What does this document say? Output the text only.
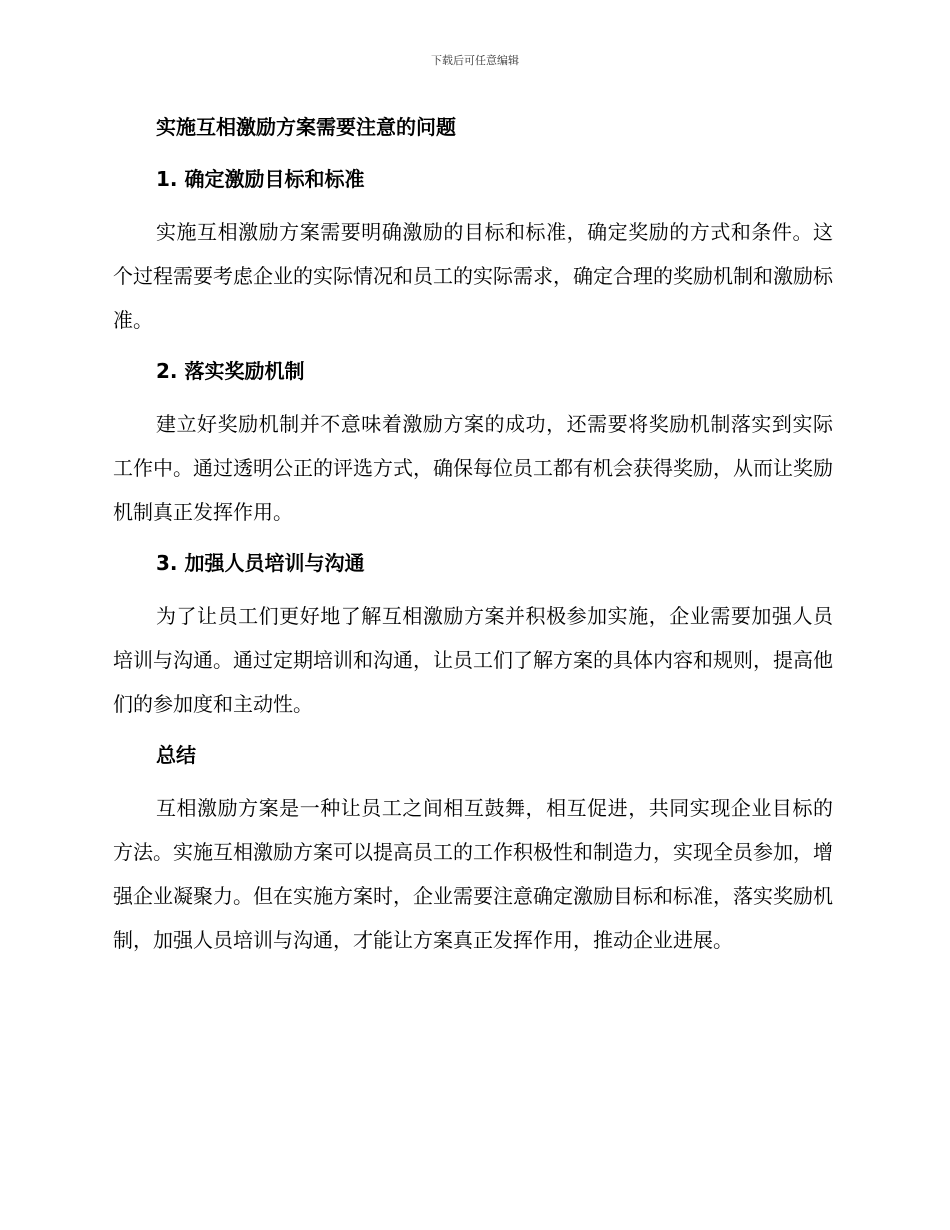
下载后可任意编辑
实施互相激励方案需要注意的问题
1. 确定激励目标和标准

实施互相激励方案需要明确激励的目标和标准，确定奖励的方式和条件。这个过程需要考虑企业的实际情况和员工的实际需求，确定合理的奖励机制和激励标准。

2. 落实奖励机制

建立好奖励机制并不意味着激励方案的成功，还需要将奖励机制落实到实际工作中。通过透明公正的评选方式，确保每位员工都有机会获得奖励，从而让奖励机制真正发挥作用。

3. 加强人员培训与沟通

为了让员工们更好地了解互相激励方案并积极参加实施，企业需要加强人员培训与沟通。通过定期培训和沟通，让员工们了解方案的具体内容和规则，提高他们的参加度和主动性。

总结

互相激励方案是一种让员工之间相互鼓舞，相互促进，共同实现企业目标的方法。实施互相激励方案可以提高员工的工作积极性和制造力，实现全员参加，增强企业凝聚力。但在实施方案时，企业需要注意确定激励目标和标准，落实奖励机制，加强人员培训与沟通，才能让方案真正发挥作用，推动企业进展。
